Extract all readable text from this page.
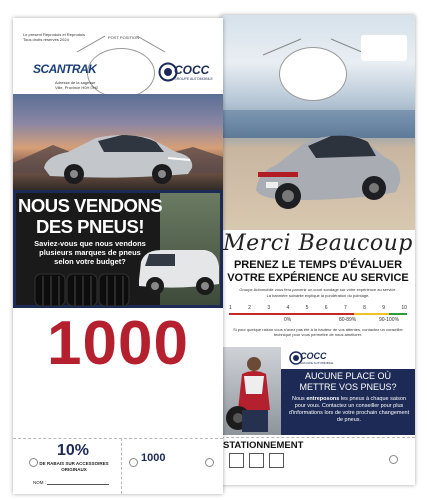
Merci Beaucoup
PRENEZ LE TEMPS D'ÉVALUER
VOTRE EXPÉRIENCE AU SERVICE
Groupe Automobile vous fera parvenir un court sondage sur votre expérience au service.
La bannière suivante explique la pondération du pointage.
1	2	3	4	5	6	7	8	9	10
0%	80-89%	90-100%
Si pour quelque raison vous n'avez pas été à la hauteur de vos attentes, contactez un conseiller technique pour vous permettre de nous améliorer.
COCC
GROUPE AUTOMOBILE
AUCUNE PLACE OÙ
METTRE VOS PNEUS?
Nous entreposons les pneus à chaque saison pour vous. Contactez un conseiller pour plus d'informations lors de votre prochain changement de pneus.
STATIONNEMENT
Le present Reproduis et Reproduis
Tous droits réservés 2024	POST POSITION
SCANTRAK
Adresse de la sagesse
Ville, Province H0H 0H0
COCC
GROUPE AUTOMOBILE
NOUS VENDONS
DES PNEUS!
Saviez-vous que nous vendons
plusieurs marques de pneus
selon votre budget?
1000
10%
DE RABAIS SUR ACCESSOIRES
ORIGINAUX
NOM :
1000
